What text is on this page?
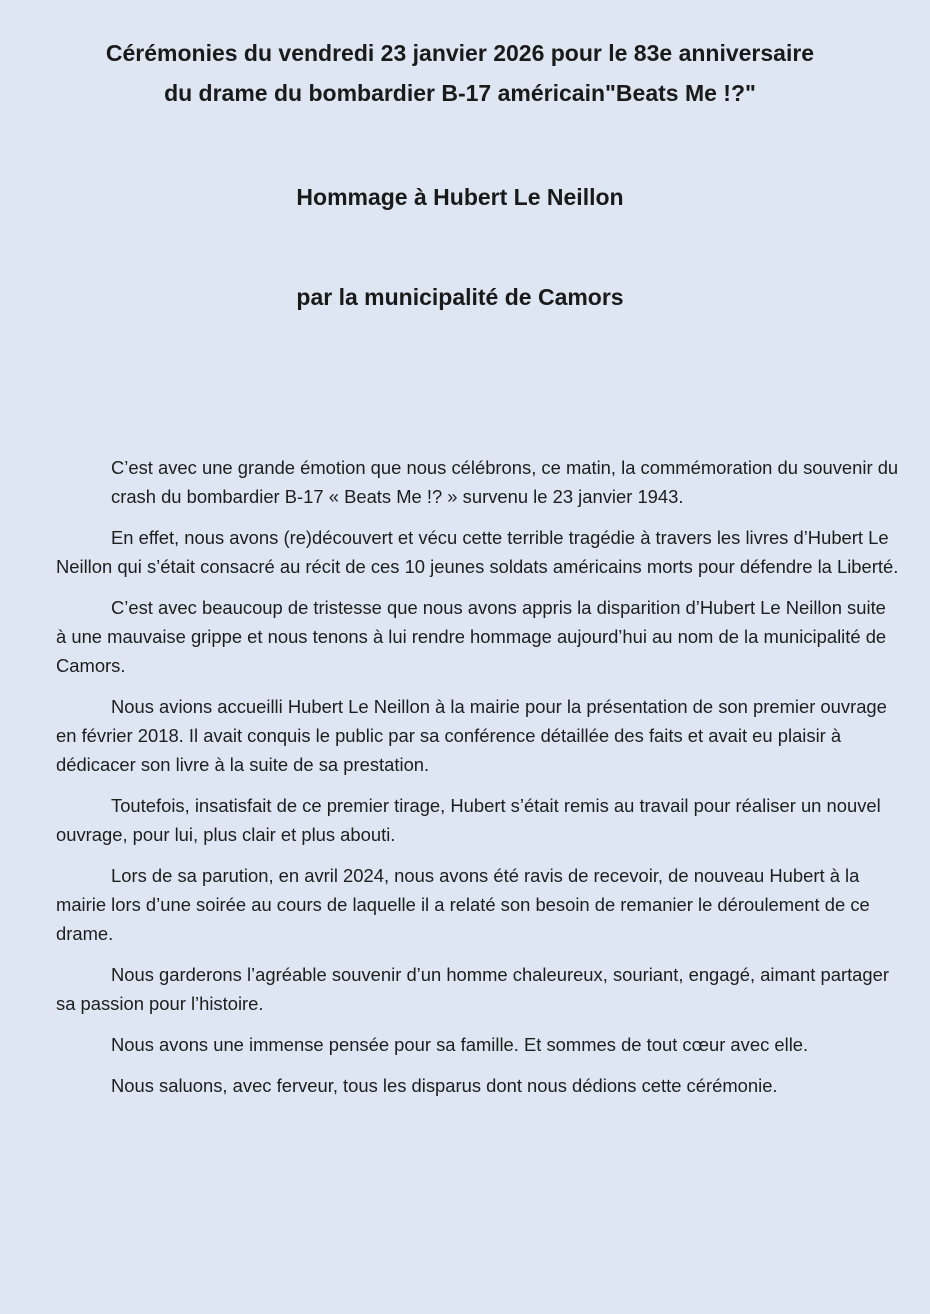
Cérémonies du vendredi 23 janvier 2026 pour le 83e anniversaire

du drame du bombardier B-17 américain"Beats Me !?"

Hommage à Hubert Le Neillon

par la municipalité de Camors

C’est avec une grande émotion que nous célébrons, ce matin, la commémoration du souvenir du crash du bombardier B-17 « Beats Me !? » survenu le 23 janvier 1943.

En effet, nous avons (re)découvert et vécu cette terrible tragédie à travers les livres d’Hubert Le Neillon qui s’était consacré au récit de ces 10 jeunes soldats américains morts pour défendre la Liberté.

C’est avec beaucoup de tristesse que nous avons appris la disparition d’Hubert Le Neillon suite à une mauvaise grippe et nous tenons à lui rendre hommage aujourd’hui au nom de la municipalité de Camors.

Nous avions accueilli Hubert Le Neillon à la mairie pour la présentation de son premier ouvrage en février 2018. Il avait conquis le public par sa conférence détaillée des faits et avait eu plaisir à dédicacer son livre à la suite de sa prestation.

Toutefois, insatisfait de ce premier tirage, Hubert s’était remis au travail pour réaliser un nouvel ouvrage, pour lui, plus clair et plus abouti.

Lors de sa parution, en avril 2024, nous avons été ravis de recevoir, de nouveau Hubert à la mairie lors d’une soirée au cours de laquelle il a relaté son besoin de remanier le déroulement de ce drame.

Nous garderons l’agréable souvenir d’un homme chaleureux, souriant, engagé, aimant partager sa passion pour l’histoire.

Nous avons une immense pensée pour sa famille. Et sommes de tout cœur avec elle.

Nous saluons, avec ferveur, tous les disparus dont nous dédions cette cérémonie.
